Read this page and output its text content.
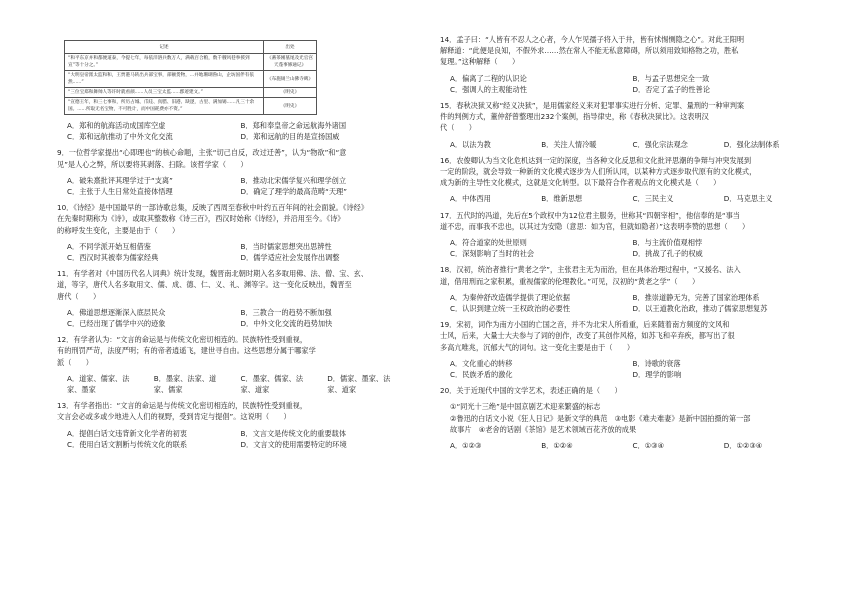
记述	出处
“和平东京并和都便道泰，今提七年，每依洋溶兵数万人，满载百合粮，数千艘风巷拳援到宣”等十分之。”	《蕃茶刚墓尾及光官宫天蓬事修通记》
“大明皇帝派太监和和，王贾港马转出兵部宝事，部额货物，...并地珊瑚鲁山，企坊国伴有依然......”	《布施锡兰山佛寺碑》
“三位宝郑和舞帅人等许时就看颜......人员三宝太监......郡迹建文。”	《明史》
“宣德王年，和三七事和，所历占城、爪哇、真腊、旧港、缺逻，古里、满加锡……凡三十余国。......所取无名宝物，不可胜计，而中国耗费亦不资。”	《明史》
A．郑和的航海活动成国库空虚	B．郑和奉皇帝之命远航海外诸国
C．郑和远航推动了中外文化交流	D．郑和远航的目的是宣扬国威
9．一位哲学家提出“心即理也”的核心命题，主张“切己自反，改过迁善”，认为“物欲”和“意
见”是人心之弊，所以要将其剥落、扫除。该哲学家（　　）
A．破朱熹批评其理学过于“支离”	B．推动北宋儒学复兴和理学创立
C．主张于人生日常处直接体悟理	D．确定了理学的最高范畴“天理”
10．《诗经》是中国最早的一部诗歌总集，反映了西周至春秋中叶约五百年间的社会面貌。《诗经》
在先秦时期称为《诗》，或取其整数称《诗三百》，西汉时始称《诗经》，并沿用至今。《诗》
的称呼发生变化，主要是由于（　　）
A．不同学派开始互相借鉴	B．当时儒家思想突出思辨性
C．西汉时其被奉为儒家经典	D．儒学适应社会发展作出调整
11．有学者对《中国历代名人词典》统计发现，魏晋南北朝时期入名多取用佛、法、僧、宝、玄、
道，等字，唐代人名多取用文、儒、成、德、仁、义、礼、渊等字。这一变化反映出，魏晋至
唐代（　　）
A．佛道思想逐渐深入底层民众	B．三教合一的趋势不断加强
C．已经出现了儒学中兴的迹象	D．中外文化交流的趋势加快
12．有学者认为：“文言的命运是与传统文化密切相连的。民族特性受到重视，
有的刑罚严苛，法度严明；有的帝者逍遥飞，建世寻自由。这些思想分属于哪家学
派（　　）
A．道家、儒家、法家、墨家
B．墨家、法家、道家、儒家
C．墨家、儒家、法家、道家
D．儒家、墨家、法家、道家
13．有学者指出：“文言的命运是与传统文化密切相连的，民族特性受到重视，
文言会必或多或少地进入人们的视野，受到肯定与提倡”。这说明（　　）
A．提倡白话文违背新文化学者的初衷	B．文言文是传统文化的重要载体
C．使用白话文割断与传统文化的联系	D．文言文的使用需要特定的环境
14．孟子曰：“人皆有不忍人之心者，今人乍见孺子将入于井，皆有怵惕恻隐之心”。对此王阳明
解释道：“此便是良知，不假外求……然在常人不能无私意障碍，所以须用致知格物之功，胜私
复理。”这种解释（　　）
A．偏离了二程的认识论	B．与孟子思想完全一致
C．强调人的主观能动性	D．否定了孟子的性善论
15．春秋决狱又称“经义决狱”，是用儒家经义来对犯罪事实进行分析、定罪、量刑的一种审判案
件的判例方式，董仲舒曾整理出232个案例，指导律史，称《春秋决狱比》。这表明汉
代（　　）
A．以法为教	B．关注人情冷暖	C．强化宗法观念	D．强化法制体系
16．农俊卿认为当文化危机达到一定的深度，当各种文化反思和文化批评思潮的争辩与冲突发展到
一定的阶段，就会导致一种新的文化模式逐步为人们所认同，以某种方式逐步取代原有的文化模式，
成为新的主导性文化模式，这就是文化转型。以下最符合作者观点的文化模式是（　　）
A．中体西用	B．维新思想	C．三民主义	D．马克思主义
17．五代时的冯道，先后在5个政权中为12位君主服务，世称其“四朝宰相”，他信奉的是“事当
道不忠，而事我不忠也，以其过为安隐（意思：如为官，但就如隐者）”这表明李赞的思想（　　）
A．符合道家的处世原则	B．与主流价值观相悖
C．深刻影响了当时的社会	D．挑战了孔子的权威
18．汉初，统治者推行“黄老之学”，主张君主无为而治，但在具体治理过程中，“又援名、法入
道，借用刑而之家积累，重视儒家的伦理教化。”可见，汉初的“黄老之学”（　　）
A．为秦仲舒改造儒学提供了理论依据	B．推崇道静无为，完善了国家治理体系
C．认识到建立统一王权政治的必要性	D．以王道教化治政，推动了儒家思想复苏
19．宋初，词作为南方小国的亡国之音，并不为北宋人所看重，后来随着南方频度的文风和
士风，后来，大量士大夫参与了词的创作，改变了其创作风格，如苏飞和辛弃疾，都写出了很
多高亢唯兆，沉郁大气的词句。这一变化主要是由于（　　）
A．文化重心的转移	B．诗歌的衰落
C．民族矛盾的激化	D．理学的影响
20．关于近现代中国的文学艺术，表述正确的是（　　）
①“同光十三绝”是中国京剧艺术迎来繁盛的标志
②鲁迅的白话文小说《狂人日记》是新文学的典范　③电影《难夫难妻》是新中国拍摄的第一部
故事片　④老舍的话剧《茶馆》是艺术领域百花齐放的成果
A．①②③	B．①②④	C．①③④	D．①②③④
